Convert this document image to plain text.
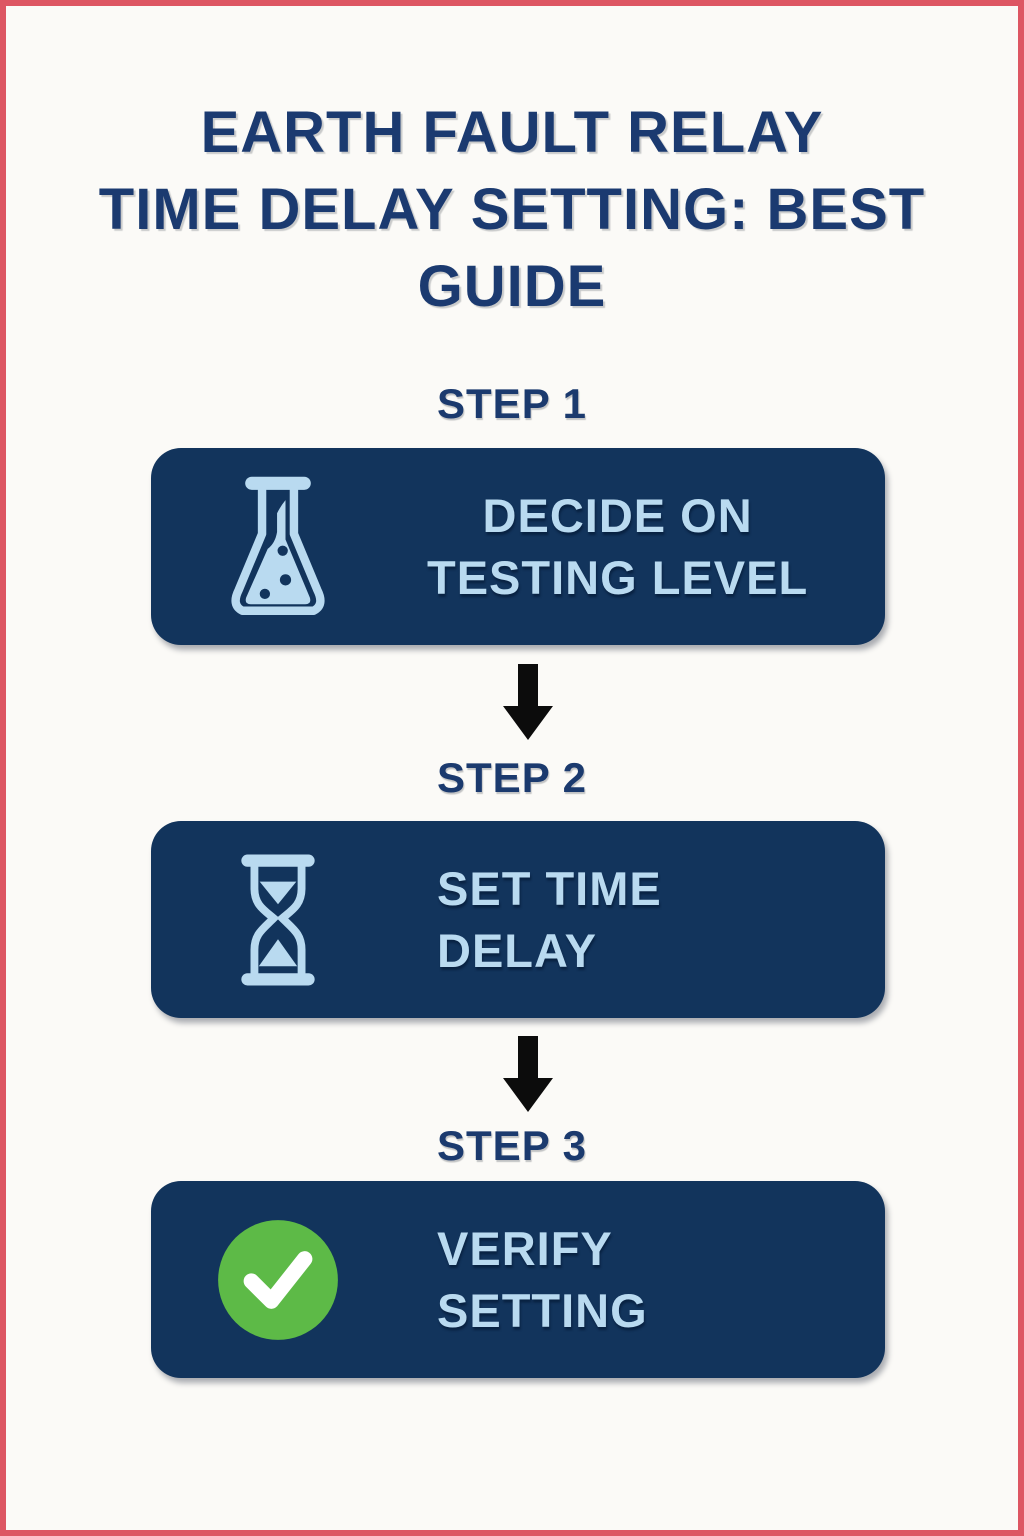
EARTH FAULT RELAY
TIME DELAY SETTING: BEST
GUIDE
STEP 1
DECIDE ON
TESTING LEVEL
STEP 2
SET TIME
DELAY
STEP 3
VERIFY
SETTING
